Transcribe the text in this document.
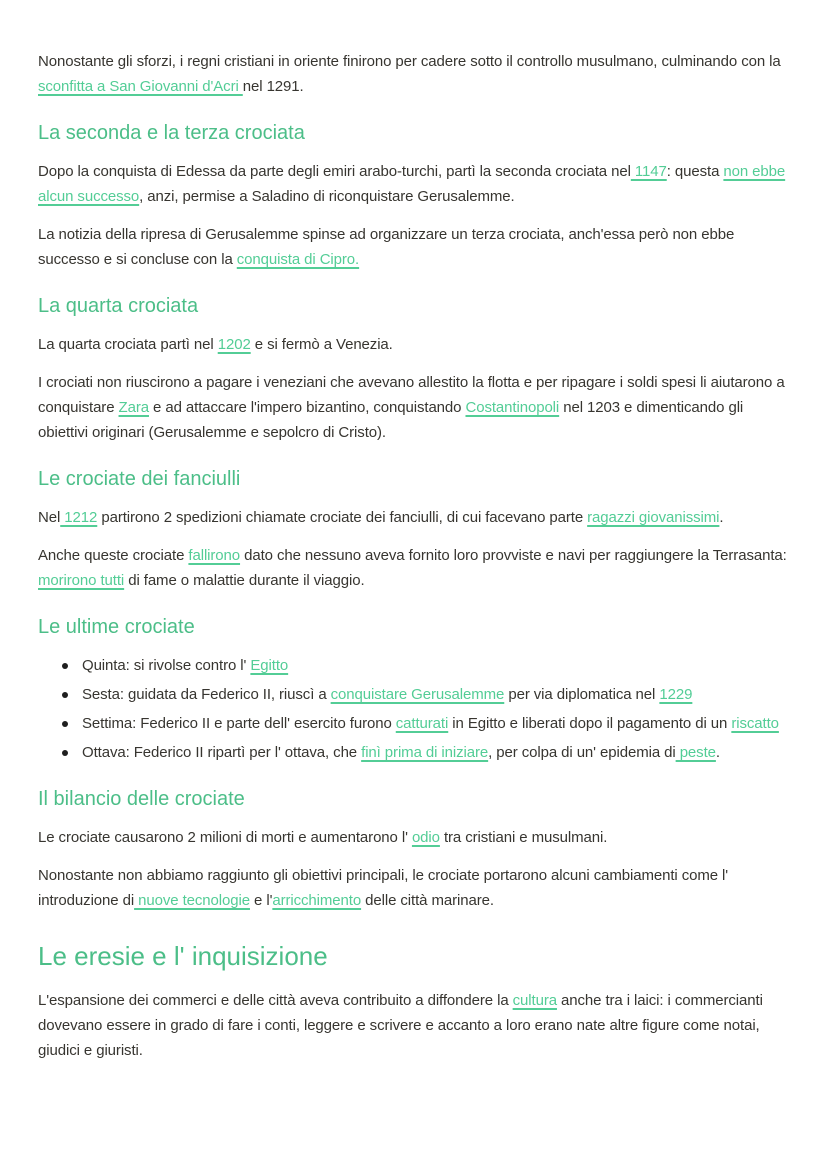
Nonostante gli sforzi, i regni cristiani in oriente finirono per cadere sotto il controllo musulmano, culminando con la sconfitta a San Giovanni d'Acri nel 1291.

La seconda e la terza crociata

Dopo la conquista di Edessa da parte degli emiri arabo-turchi, partì la seconda crociata nel 1147: questa non ebbe alcun successo, anzi, permise a Saladino di riconquistare Gerusalemme.

La notizia della ripresa di Gerusalemme spinse ad organizzare un terza crociata, anch'essa però non ebbe successo e si concluse con la conquista di Cipro.

La quarta crociata

La quarta crociata partì nel 1202 e si fermò a Venezia.

I crociati non riuscirono a pagare i veneziani che avevano allestito la flotta e per ripagare i soldi spesi li aiutarono a conquistare Zara e ad attaccare l'impero bizantino, conquistando Costantinopoli nel 1203 e dimenticando gli obiettivi originari (Gerusalemme e sepolcro di Cristo).

Le crociate dei fanciulli

Nel 1212 partirono 2 spedizioni chiamate crociate dei fanciulli, di cui facevano parte ragazzi giovanissimi.

Anche queste crociate fallirono dato che nessuno aveva fornito loro provviste e navi per raggiungere la Terrasanta: morirono tutti di fame o malattie durante il viaggio.

Le ultime crociate
Quinta: si rivolse contro l' Egitto
Sesta: guidata da Federico II, riuscì a conquistare Gerusalemme per via diplomatica nel 1229
Settima: Federico II e parte dell' esercito furono catturati in Egitto e liberati dopo il pagamento di un riscatto
Ottava: Federico II ripartì per l' ottava, che finì prima di iniziare, per colpa di un' epidemia di peste.
Il bilancio delle crociate

Le crociate causarono 2 milioni di morti e aumentarono l' odio tra cristiani e musulmani.

Nonostante non abbiamo raggiunto gli obiettivi principali, le crociate portarono alcuni cambiamenti come l' introduzione di nuove tecnologie e l'arricchimento delle città marinare.

Le eresie e l' inquisizione

L'espansione dei commerci e delle città aveva contribuito a diffondere la cultura anche tra i laici: i commercianti dovevano essere in grado di fare i conti, leggere e scrivere e accanto a loro erano nate altre figure come notai, giudici e giuristi.
